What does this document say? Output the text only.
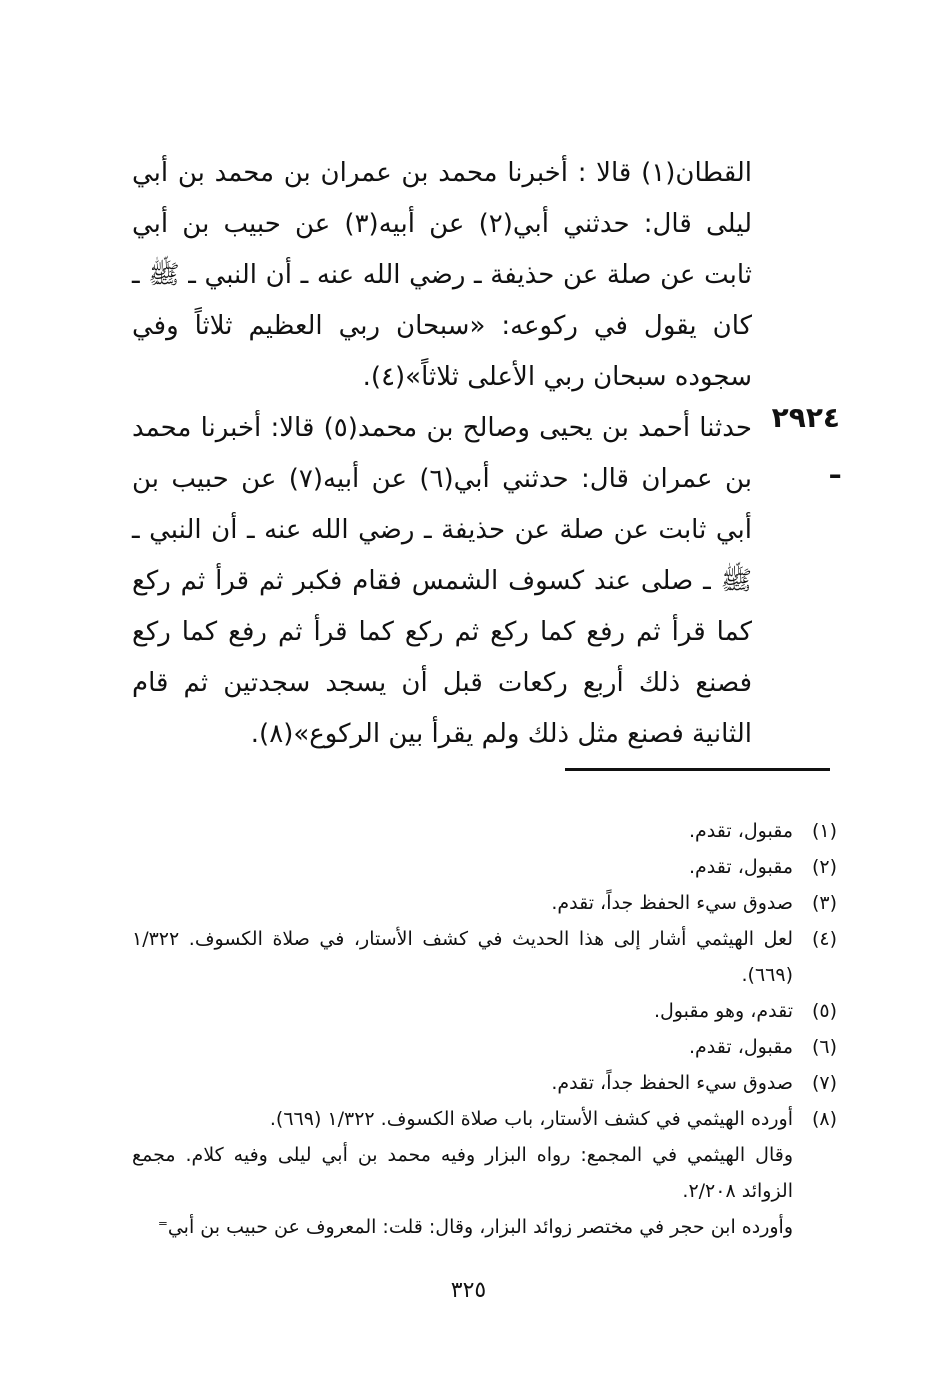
القطان(١) قالا : أخبرنا محمد بن عمران بن محمد بن أبي ليلى قال: حدثني أبي(٢) عن أبيه(٣) عن حبيب بن أبي ثابت عن صلة عن حذيفة ـ رضي الله عنه ـ أن النبي ـ ﷺ ـ كان يقول في ركوعه: «سبحان ربي العظيم ثلاثاً وفي سجوده سبحان ربي الأعلى ثلاثاً»(٤).

حدثنا أحمد بن يحيى وصالح بن محمد(٥) قالا: أخبرنا محمد بن عمران قال: حدثني أبي(٦) عن أبيه(٧) عن حبيب بن أبي ثابت عن صلة عن حذيفة ـ رضي الله عنه ـ أن النبي ـ ﷺ ـ صلى عند كسوف الشمس فقام فكبر ثم قرأ ثم ركع كما قرأ ثم رفع كما ركع ثم ركع كما قرأ ثم رفع كما ركع فصنع ذلك أربع ركعات قبل أن يسجد سجدتين ثم قام الثانية فصنع مثل ذلك ولم يقرأ بين الركوع»(٨).

٢٩٢٤ ـ
(١)
مقبول، تقدم.
(٢)
مقبول، تقدم.
(٣)
صدوق سيء الحفظ جداً، تقدم.
(٤)
لعل الهيثمي أشار إلى هذا الحديث في كشف الأستار، في صلاة الكسوف. ١/٣٢٢ (٦٦٩).
(٥)
تقدم، وهو مقبول.
(٦)
مقبول، تقدم.
(٧)
صدوق سيء الحفظ جداً، تقدم.
(٨)
أورده الهيثمي في كشف الأستار، باب صلاة الكسوف. ١/٣٢٢ (٦٦٩).
وقال الهيثمي في المجمع: رواه البزار وفيه محمد بن أبي ليلى وفيه كلام. مجمع الزوائد ٢/٢٠٨.
وأورده ابن حجر في مختصر زوائد البزار، وقال: قلت: المعروف عن حبيب بن أبي⁼
٣٢٥
